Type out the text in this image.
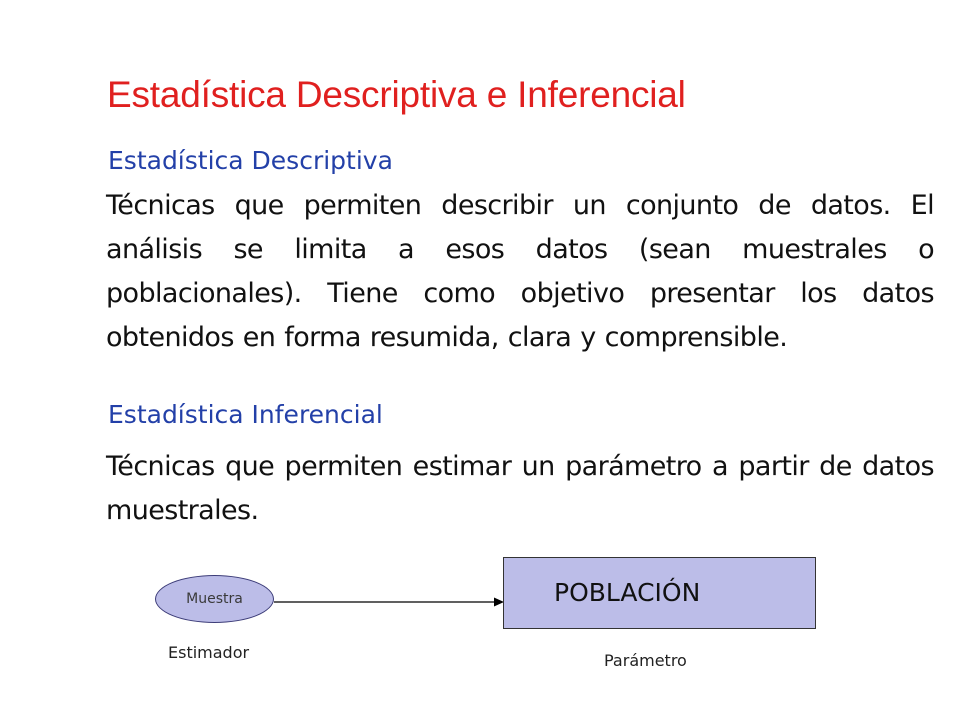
Estadística Descriptiva e Inferencial
Estadística Descriptiva
Técnicas que permiten describir un conjunto de datos. El análisis se limita a esos datos (sean muestrales o poblacionales). Tiene como objetivo presentar los datos obtenidos en forma resumida, clara y comprensible.
Estadística Inferencial
Técnicas que permiten estimar un parámetro a partir de datos muestrales.
Muestra	POBLACIÓN
Estimador	Parámetro
